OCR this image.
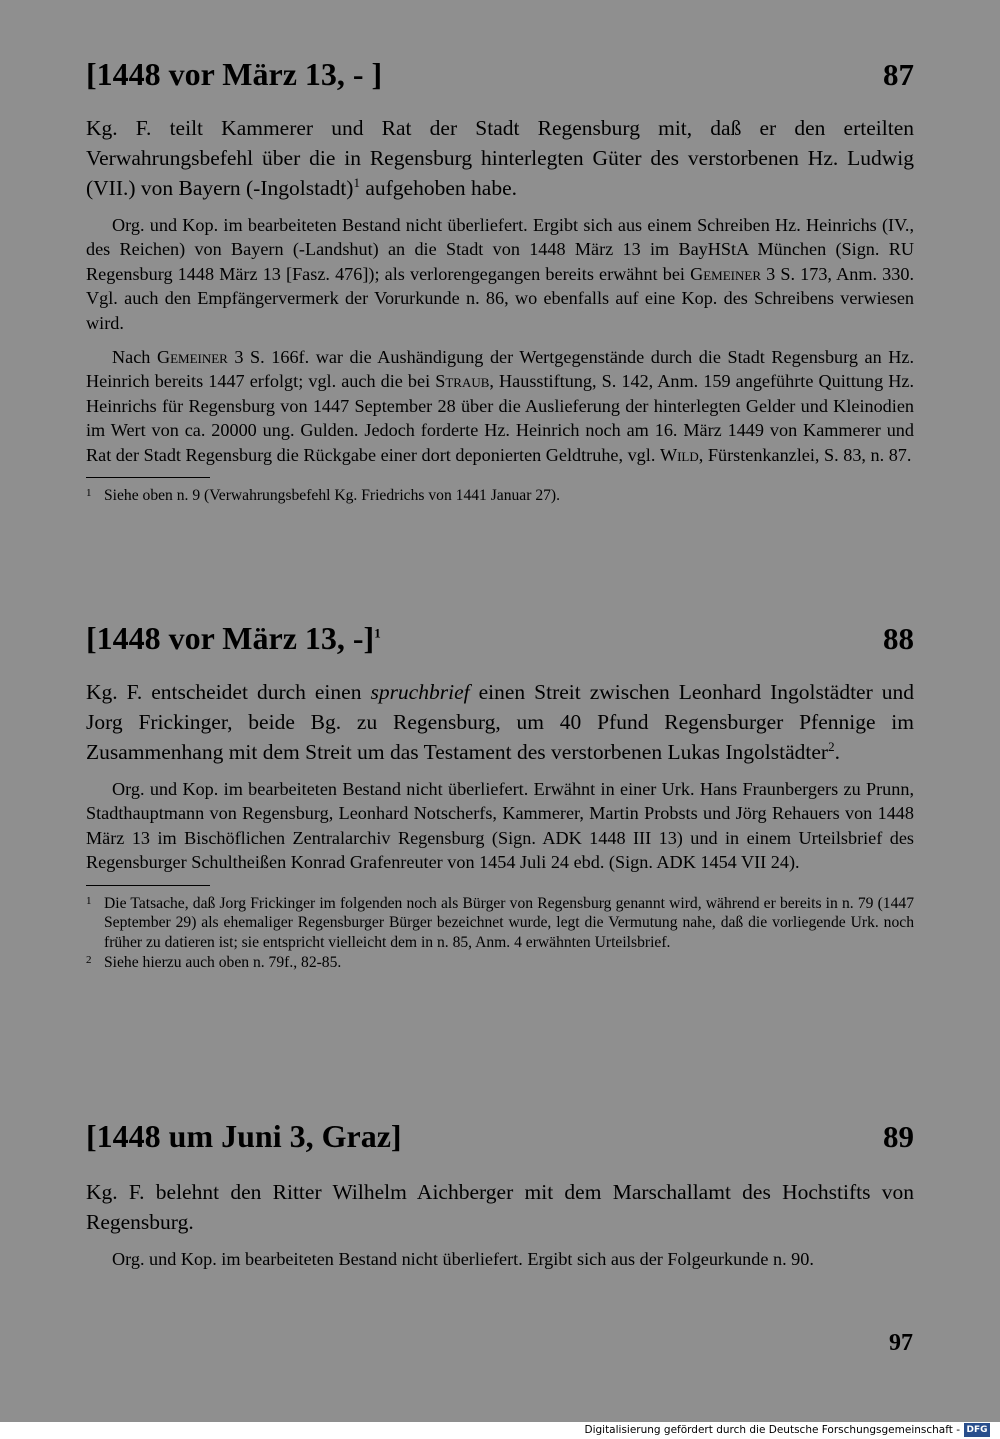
[1448 vor März 13, - ]	87

Kg. F. teilt Kammerer und Rat der Stadt Regensburg mit, daß er den erteilten Verwahrungsbefehl über die in Regensburg hinterlegten Güter des verstorbenen Hz. Ludwig (VII.) von Bayern (-Ingolstadt)$^1$ aufgehoben habe.

Org. und Kop. im bearbeiteten Bestand nicht überliefert. Ergibt sich aus einem Schreiben Hz. Heinrichs (IV., des Reichen) von Bayern (-Landshut) an die Stadt von 1448 März 13 im BayHStA München (Sign. RU Regensburg 1448 März 13 [Fasz. 476]); als verlorengegangen bereits erwähnt bei Gemeiner 3 S. 173, Anm. 330. Vgl. auch den Empfängervermerk der Vorurkunde n. 86, wo ebenfalls auf eine Kop. des Schreibens verwiesen wird.

Nach Gemeiner 3 S. 166f. war die Aushändigung der Wertgegenstände durch die Stadt Regensburg an Hz. Heinrich bereits 1447 erfolgt; vgl. auch die bei Straub, Hausstiftung, S. 142, Anm. 159 angeführte Quittung Hz. Heinrichs für Regensburg von 1447 September 28 über die Auslieferung der hinterlegten Gelder und Kleinodien im Wert von ca. 20000 ung. Gulden. Jedoch forderte Hz. Heinrich noch am 16. März 1449 von Kammerer und Rat der Stadt Regensburg die Rückgabe einer dort deponierten Geldtruhe, vgl. Wild, Fürstenkanzlei, S. 83, n. 87.

1 Siehe oben n. 9 (Verwahrungsbefehl Kg. Friedrichs von 1441 Januar 27).
[1448 vor März 13, -]$^1$	88

Kg. F. entscheidet durch einen spruchbrief einen Streit zwischen Leonhard Ingolstädter und Jorg Frickinger, beide Bg. zu Regensburg, um 40 Pfund Regensburger Pfennige im Zusammenhang mit dem Streit um das Testament des verstorbenen Lukas Ingolstädter$^2$.

Org. und Kop. im bearbeiteten Bestand nicht überliefert. Erwähnt in einer Urk. Hans Fraunbergers zu Prunn, Stadthauptmann von Regensburg, Leonhard Notscherfs, Kammerer, Martin Probsts und Jörg Rehauers von 1448 März 13 im Bischöflichen Zentralarchiv Regensburg (Sign. ADK 1448 III 13) und in einem Urteilsbrief des Regensburger Schultheißen Konrad Grafenreuter von 1454 Juli 24 ebd. (Sign. ADK 1454 VII 24).

1 Die Tatsache, daß Jorg Frickinger im folgenden noch als Bürger von Regensburg genannt wird, während er bereits in n. 79 (1447 September 29) als ehemaliger Regensburger Bürger bezeichnet wurde, legt die Vermutung nahe, daß die vorliegende Urk. noch früher zu datieren ist; sie entspricht vielleicht dem in n. 85, Anm. 4 erwähnten Urteilsbrief.
2 Siehe hierzu auch oben n. 79f., 82-85.
[1448 um Juni 3, Graz]	89

Kg. F. belehnt den Ritter Wilhelm Aichberger mit dem Marschallamt des Hochstifts von Regensburg.

Org. und Kop. im bearbeiteten Bestand nicht überliefert. Ergibt sich aus der Folgeurkunde n. 90.

97
Digitalisierung gefördert durch die Deutsche Forschungsgemeinschaft - DFG
